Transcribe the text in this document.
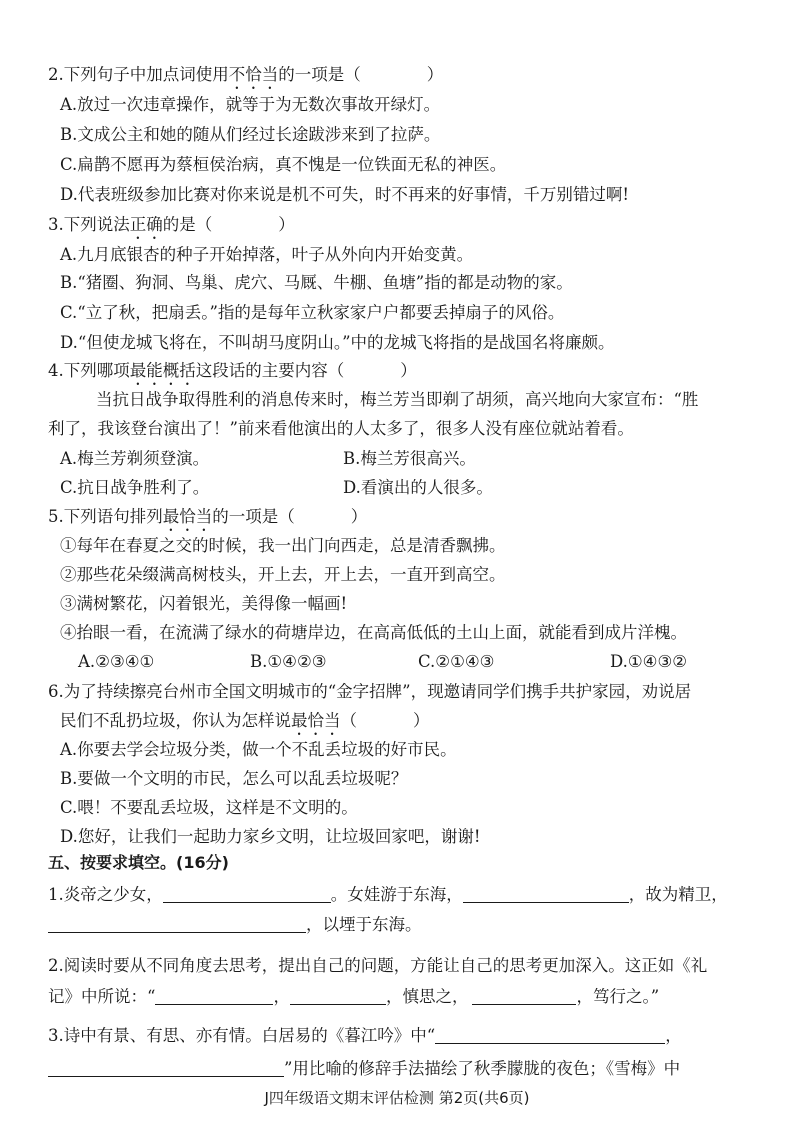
2.下列句子中加点词使用不恰当的一项是（	）
A.放过一次违章操作，就等于为无数次事故开绿灯。
B.文成公主和她的随从们经过长途跋涉来到了拉萨。
C.扁鹊不愿再为蔡桓侯治病，真不愧是一位铁面无私的神医。
D.代表班级参加比赛对你来说是机不可失，时不再来的好事情，千万别错过啊!
3.下列说法正确的是（	）
A.九月底银杏的种子开始掉落，叶子从外向内开始变黄。
B.“猪圈、狗洞、鸟巢、虎穴、马厩、牛棚、鱼塘”指的都是动物的家。
C.“立了秋，把扇丢。”指的是每年立秋家家户户都要丢掉扇子的风俗。
D.“但使龙城飞将在，不叫胡马度阴山。”中的龙城飞将指的是战国名将廉颇。
4.下列哪项最能概括这段话的主要内容（	）
当抗日战争取得胜利的消息传来时，梅兰芳当即剃了胡须，高兴地向大家宣布：“胜
利了，我该登台演出了！”前来看他演出的人太多了，很多人没有座位就站着看。
A.梅兰芳剃须登演。	B.梅兰芳很高兴。
C.抗日战争胜利了。	D.看演出的人很多。
5.下列语句排列最恰当的一项是（	）
①每年在春夏之交的时候，我一出门向西走，总是清香飘拂。
②那些花朵缀满高树枝头，开上去，开上去，一直开到高空。
③满树繁花，闪着银光，美得像一幅画!
④抬眼一看，在流满了绿水的荷塘岸边，在高高低低的土山上面，就能看到成片洋槐。
A.②③④①	B.①④②③	C.②①④③	D.①④③②
6.为了持续擦亮台州市全国文明城市的“金字招牌”，现邀请同学们携手共护家园，劝说居
民们不乱扔垃圾，你认为怎样说最恰当（	）
A.你要去学会垃圾分类，做一个不乱丢垃圾的好市民。
B.要做一个文明的市民，怎么可以乱丢垃圾呢？
C.喂！不要乱丢垃圾，这样是不文明的。
D.您好，让我们一起助力家乡文明，让垃圾回家吧，谢谢!
五、按要求填空。(16分)
1.炎帝之少女，	。女娃游于东海，	，故为精卫，
，以堙于东海。
2.阅读时要从不同角度去思考，提出自己的问题，方能让自己的思考更加深入。这正如《礼
记》中所说：“	，	，慎思之，	，笃行之。”
3.诗中有景、有思、亦有情。白居易的《暮江吟》中“	，
”用比喻的修辞手法描绘了秋季朦胧的夜色；《雪梅》中
J四年级语文期末评估检测 第2页(共6页)
